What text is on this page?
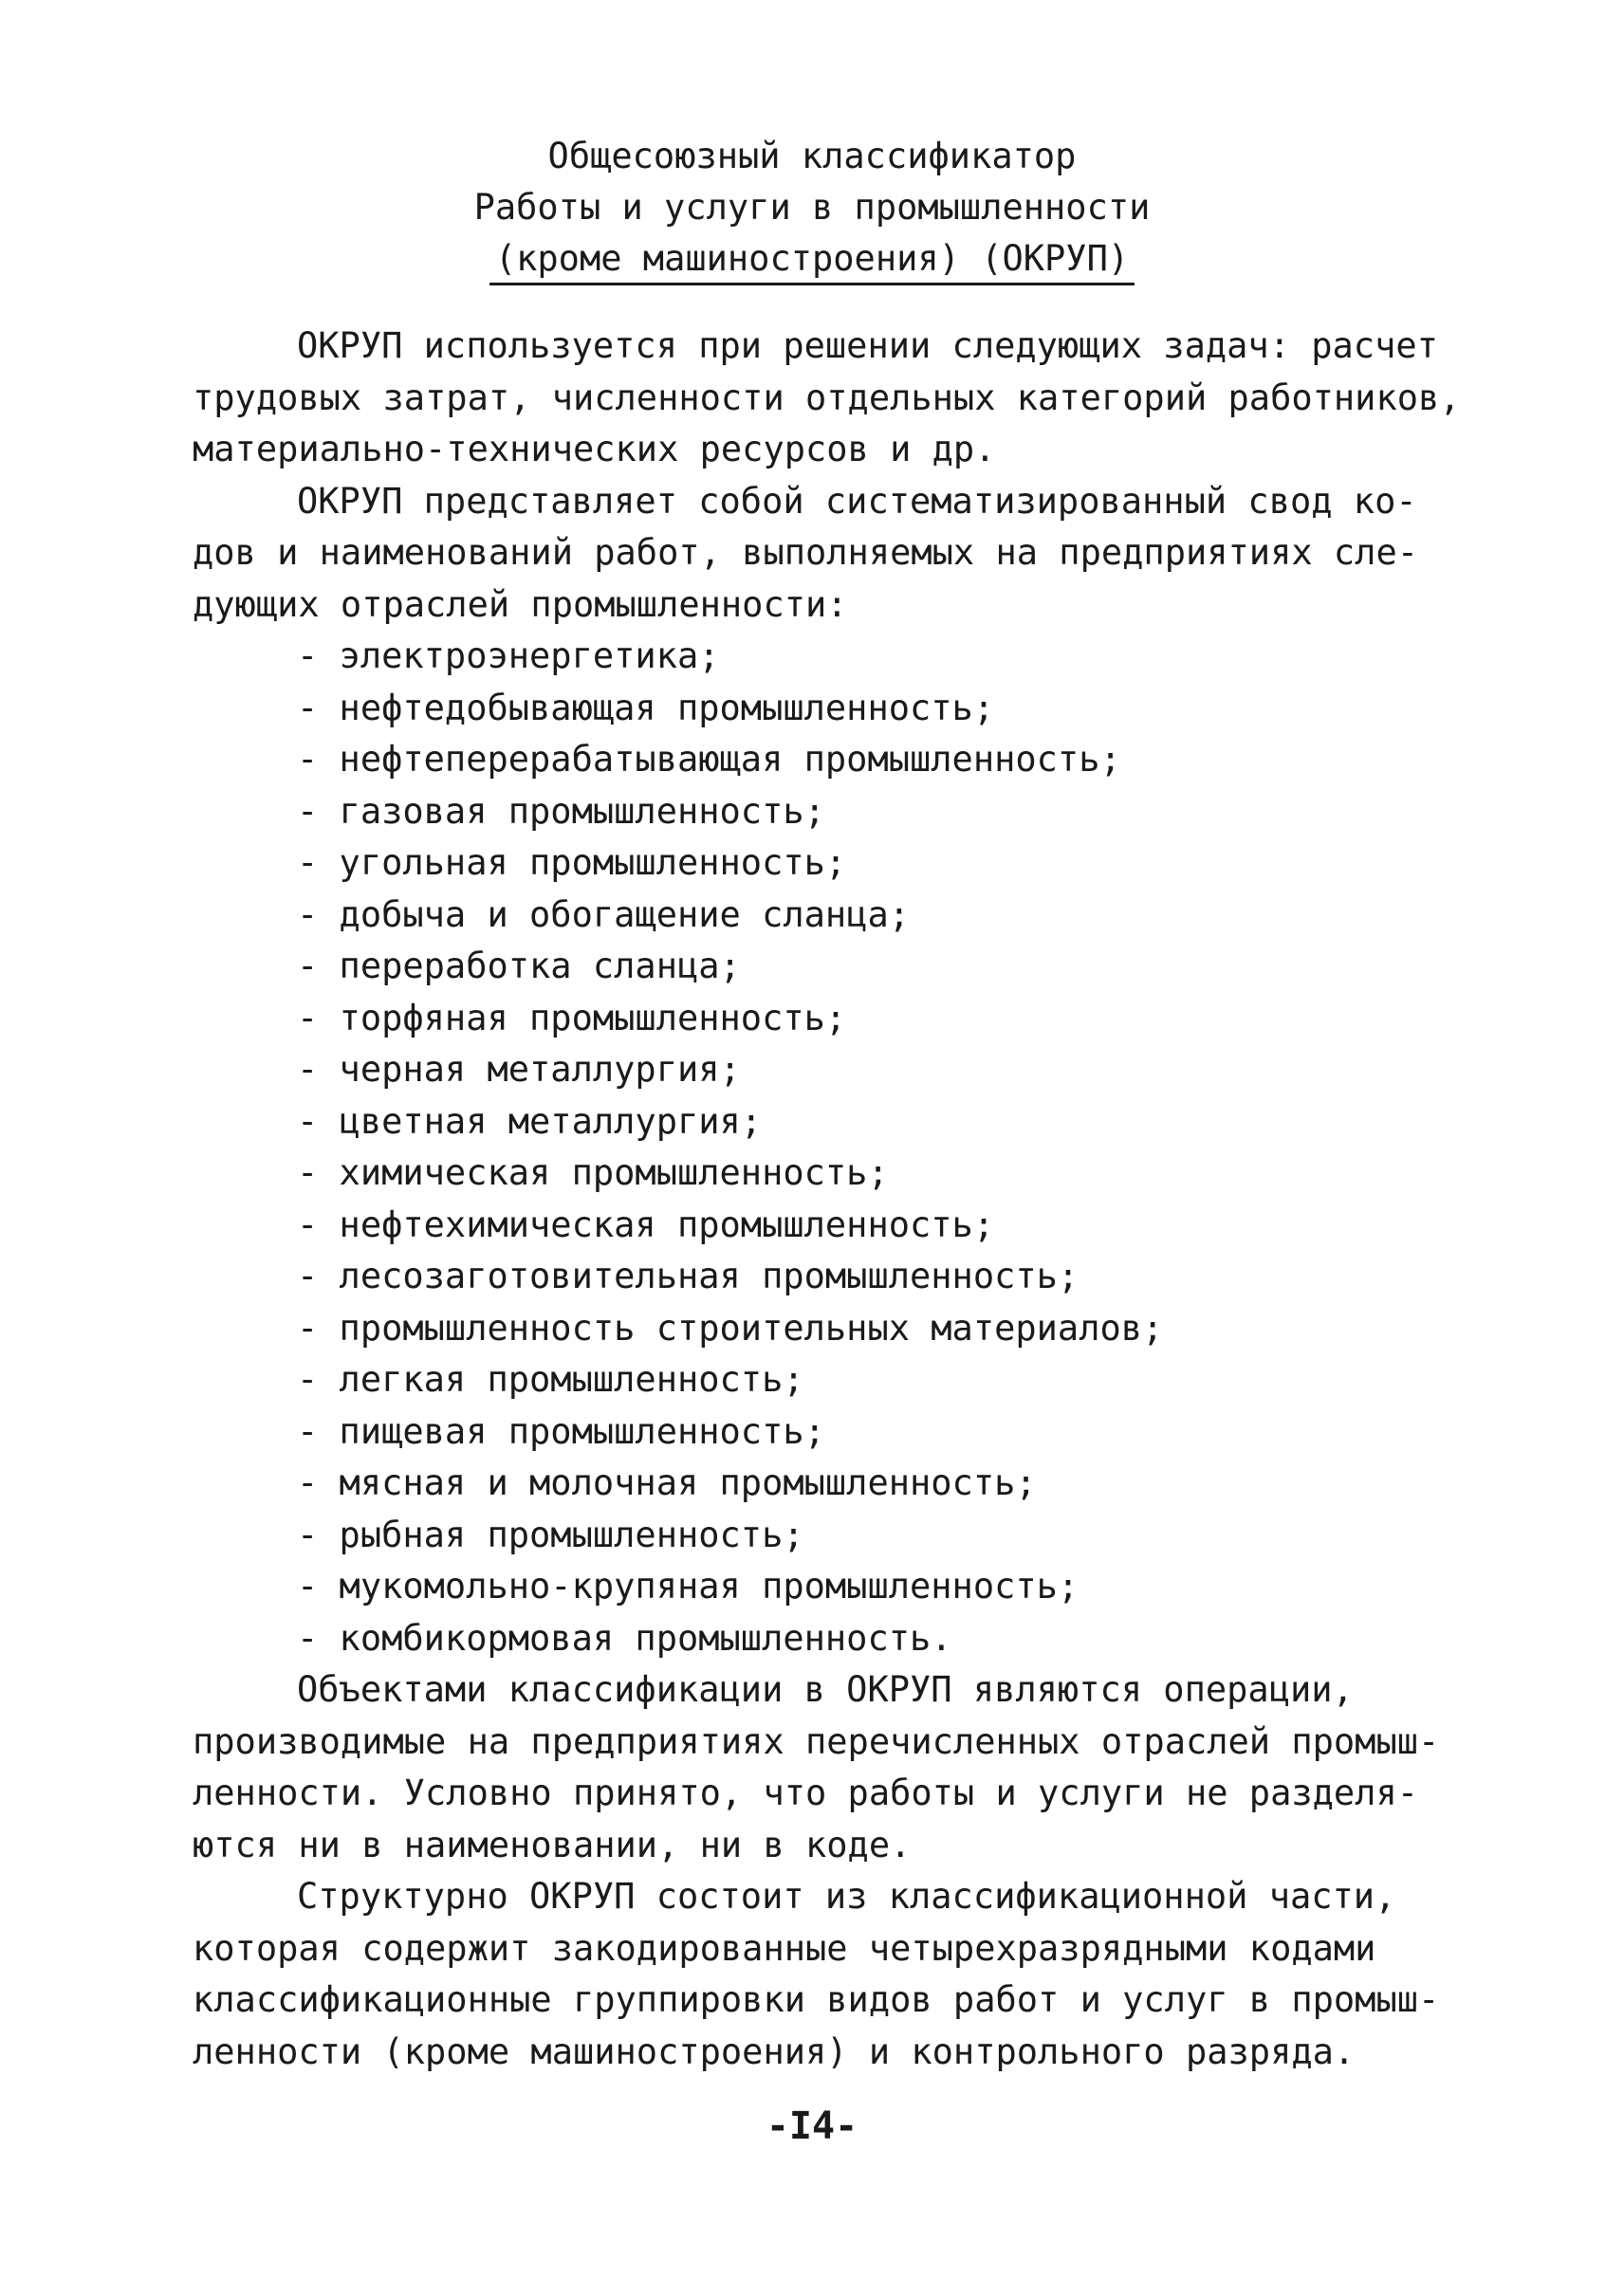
Общесоюзный классификатор
Работы и услуги в промышленности
(кроме машиностроения) (ОКРУП)
ОКРУП используется при решении следующих задач: расчет
трудовых затрат, численности отдельных категорий работников,
материально-технических ресурсов и др.
ОКРУП представляет собой систематизированный свод ко-
дов и наименований работ, выполняемых на предприятиях сле-
дующих отраслей промышленности:
- электроэнергетика;
- нефтедобывающая промышленность;
- нефтеперерабатывающая промышленность;
- газовая промышленность;
- угольная промышленность;
- добыча и обогащение сланца;
- переработка сланца;
- торфяная промышленность;
- черная металлургия;
- цветная металлургия;
- химическая промышленность;
- нефтехимическая промышленность;
- лесозаготовительная промышленность;
- промышленность строительных материалов;
- легкая промышленность;
- пищевая промышленность;
- мясная и молочная промышленность;
- рыбная промышленность;
- мукомольно-крупяная промышленность;
- комбикормовая промышленность.
Объектами классификации в ОКРУП являются операции,
производимые на предприятиях перечисленных отраслей промыш-
ленности. Условно принято, что работы и услуги не разделя-
ются ни в наименовании, ни в коде.
Структурно ОКРУП состоит из классификационной части,
которая содержит закодированные четырехразрядными кодами
классификационные группировки видов работ и услуг в промыш-
ленности (кроме машиностроения) и контрольного разряда.
-I4-
